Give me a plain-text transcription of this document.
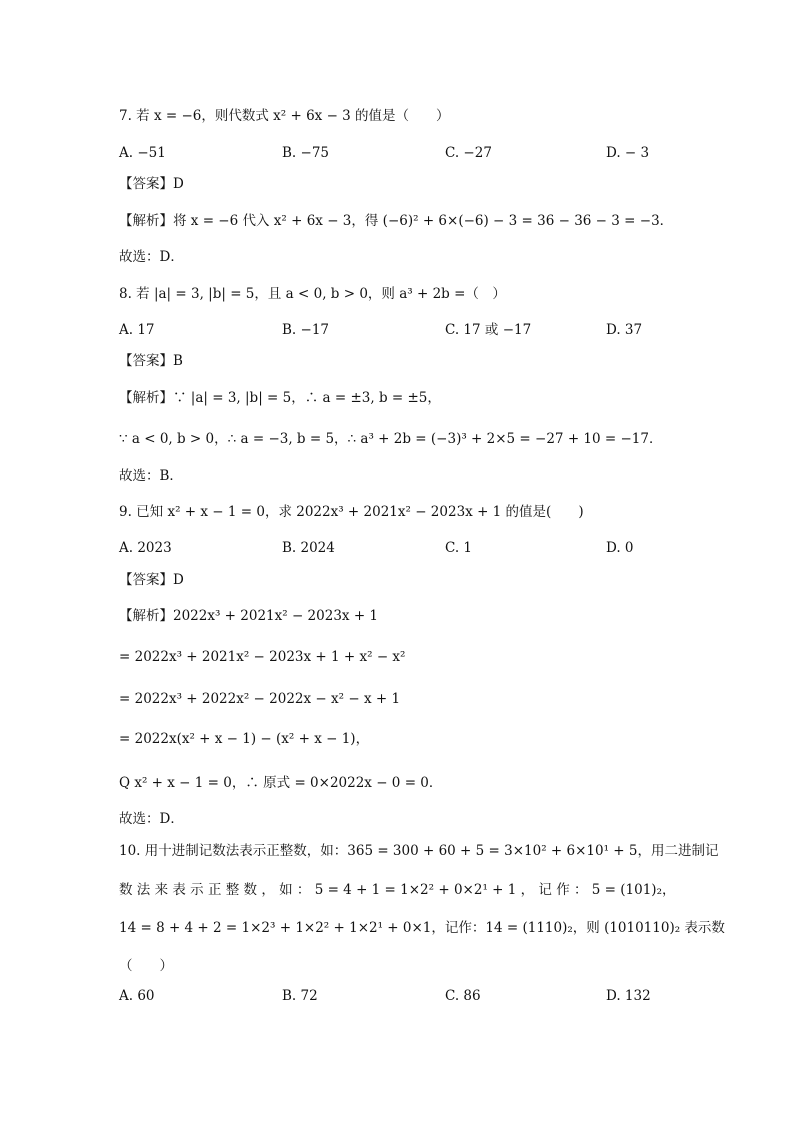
7. 若 x = −6，则代数式 x² + 6x − 3 的值是（　　）
A. −51	B. −75	C. −27	D. − 3
【答案】D
【解析】将 x = −6 代入 x² + 6x − 3，得 (−6)² + 6×(−6) − 3 = 36 − 36 − 3 = −3．
故选：D．
8. 若 |a| = 3, |b| = 5，且 a < 0, b > 0，则 a³ + 2b =（　）
A. 17	B. −17	C. 17 或 −17	D. 37
【答案】B
【解析】∵ |a| = 3, |b| = 5，∴ a = ±3, b = ±5，
∵ a < 0, b > 0，∴ a = −3, b = 5，∴ a³ + 2b = (−3)³ + 2×5 = −27 + 10 = −17．
故选：B．
9. 已知 x² + x − 1 = 0，求 2022x³ + 2021x² − 2023x + 1 的值是(　　)
A. 2023	B. 2024	C. 1	D. 0
【答案】D
【解析】2022x³ + 2021x² − 2023x + 1
= 2022x³ + 2021x² − 2023x + 1 + x² − x²
= 2022x³ + 2022x² − 2022x − x² − x + 1
= 2022x(x² + x − 1) − (x² + x − 1)，
Q x² + x − 1 = 0，∴ 原式 = 0×2022x − 0 = 0．
故选：D．
10. 用十进制记数法表示正整数，如：365 = 300 + 60 + 5 = 3×10² + 6×10¹ + 5，用二进制记
数 法 来 表 示 正 整 数 ， 如 ： 5 = 4 + 1 = 1×2² + 0×2¹ + 1 ， 记 作 ： 5 = (101)₂，
14 = 8 + 4 + 2 = 1×2³ + 1×2² + 1×2¹ + 0×1，记作：14 = (1110)₂，则 (1010110)₂ 表示数
（　　）
A. 60	B. 72	C. 86	D. 132
